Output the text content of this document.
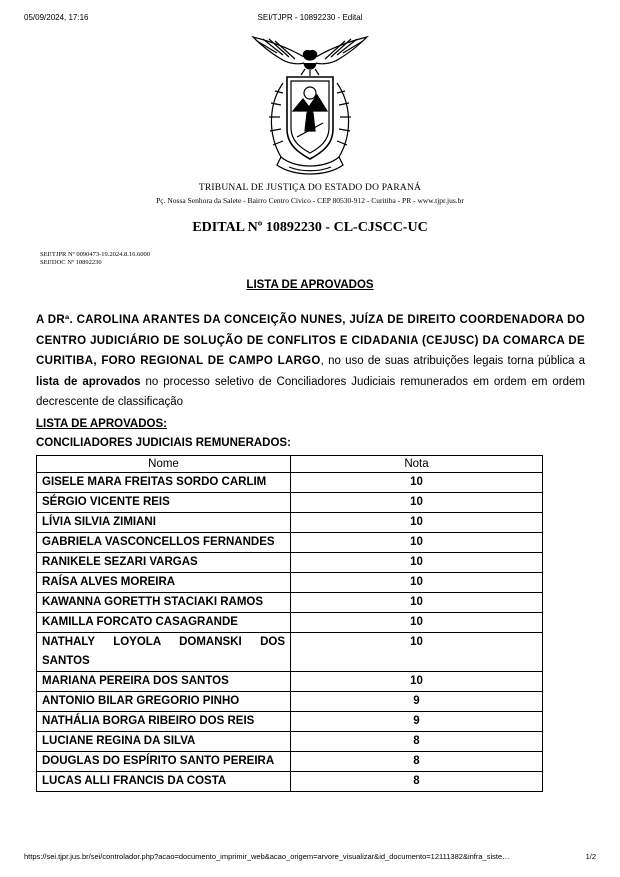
05/09/2024, 17:16	SEI/TJPR - 10892230 - Edital
TRIBUNAL DE JUSTIÇA DO ESTADO DO PARANÁ
Pç. Nossa Senhora da Salete - Bairro Centro Cívico - CEP 80530-912 - Curitiba - PR - www.tjpr.jus.br
EDITAL Nº 10892230 - CL-CJSCC-UC
SEI!TJPR Nº 0090473-19.2024.8.16.6000
SEI!DOC Nº 10892230
LISTA DE APROVADOS
A DRª. CAROLINA ARANTES DA CONCEIÇÃO NUNES, JUÍZA DE DIREITO COORDENADORA DO CENTRO JUDICIÁRIO DE SOLUÇÃO DE CONFLITOS E CIDADANIA (CEJUSC) DA COMARCA DE CURITIBA, FORO REGIONAL DE CAMPO LARGO, no uso de suas atribuições legais torna pública a lista de aprovados no processo seletivo de Conciliadores Judiciais remunerados em ordem em ordem decrescente de classificação
LISTA DE APROVADOS:
CONCILIADORES JUDICIAIS REMUNERADOS:
Nome	Nota
GISELE MARA FREITAS SORDO CARLIM	10
SÉRGIO VICENTE REIS	10
LÍVIA SILVIA ZIMIANI	10
GABRIELA VASCONCELLOS FERNANDES	10
RANIKELE SEZARI VARGAS	10
RAÍSA ALVES MOREIRA	10
KAWANNA GORETTH STACIAKI RAMOS	10
KAMILLA FORCATO CASAGRANDE	10
NATHALY LOYOLA DOMANSKI DOS SANTOS	10
MARIANA PEREIRA DOS SANTOS	10
ANTONIO BILAR GREGORIO PINHO	9
NATHÁLIA BORGA RIBEIRO DOS REIS	9
LUCIANE REGINA DA SILVA	8
DOUGLAS DO ESPÍRITO SANTO PEREIRA	8
LUCAS ALLI FRANCIS DA COSTA	8
https://sei.tjpr.jus.br/sei/controlador.php?acao=documento_imprimir_web&acao_origem=arvore_visualizar&id_documento=12111382&infra_siste…	1/2
